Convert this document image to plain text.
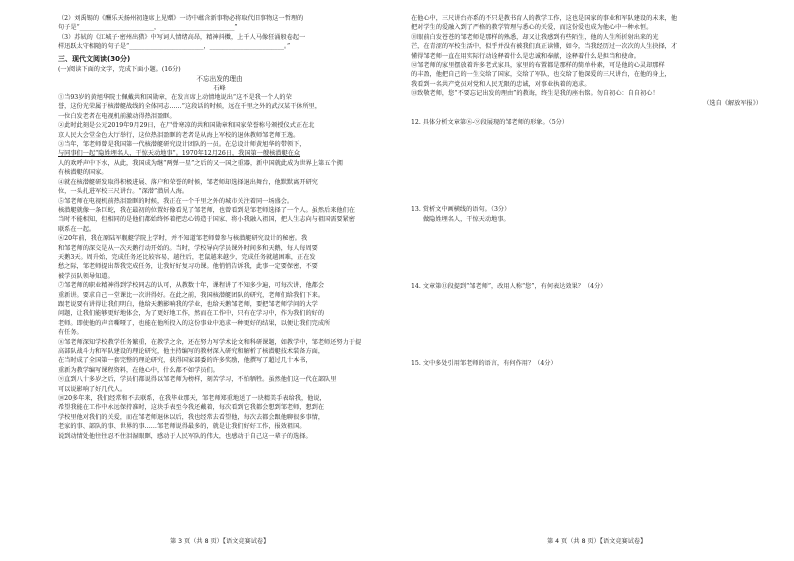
（2）刘禹锡的《酬乐天扬州初逢席上见赠》一诗中蕴含新事物必将取代旧事物这一哲理的
句子是“________________________，________________________”
（3）苏轼的《江城子·密州出猎》中写词人情绪高昂，精神抖擞，上千人马像狂涌般卷起一
样迅跃太守相随的句子是“________________________，________________________。”
三、现代文阅读(30分)
(一)阅读下面的文字，完成下面小题。(16分)
不忘出发的理由
石峰
①当93岁的黄旭华院士佩戴共和国勋章，在发言席上动情地说出“这不是我一个人的荣
誉，这份光荣属于核潜艇战线的全体同志……”这段话的时候，远在千里之外的武汉某干休所里，
一位白发老者在电视机前激动得热泪盈眶。
②此时此刻是公元2019年9月29日，在尸骨寒凉的共和国勋章和国家荣誉称号颁授仪式正在北
京人民大会堂金色大厅举行，这位热泪盈眶的老者是从海上军校的退休教师邹老师王逸。
③当年，邹老师曾是我国第一代核潜艇研究设计团队的一员。在总设计师黄旭华的带领下，
与同事们一起“隐姓埋名人，干惊天动地事”。1970年12月26日，我国第一艘核潜艇在众
人的欢呼声中下水，从此，我国成为继“两弹一星”之后的又一国之重器，新中国就此成为世界上第五个拥
有核潜艇的国家。
④就在核潜艇研发取得积极进展、落户和荣誉的时候，邹老师却选择退出舞台，他默默离开研究
位，一头扎进军校三尺讲台。“深潜”潜居人海。
⑤邹老师在电视机前热泪盈眶的时候，我正在一个千里之外的城市关注着同一场盛会。
核潜艇就像一条巨蛇，我在最初的位置好像看见了邹老师，也曾看到是邹老师选择了一个人。虽然后来他们在
当时不能相知，但相同的是他们都始终怀着把忠心铸造于国家、将小我融入祖国，把人生志向与祖国需要紧密
联系在一起。
⑥20年前，我在原陆军舰艇学院上学时，并不知道邹老师曾参与核潜艇研究设计的秘密。我
和邹老师的深交是从一次天鹅行动开始的。当时，学校导向学员课外时间多和天鹅，每人每周要
天鹅3天。周升始，完成任务还比较容易，越往后，老鼠越来越少，完成任务就越困难，正在发
愁之际，邹老师提出帮我完成任务，让我好好复习功课。他悄悄告诉我，此事一定要保密，不要
被学员队领导知道。
⑦邹老师的职业精神得到学校同志的认可，从教数十年，课程讲了不知多少遍，可每次讲，他都会
重新讲。要求自己一堂课比一次讲得好。在此之前，我国核潜艇团队的研究，老师们给我们下来。
跟老说要有讲得让我们明白，他给天鹅影响我的学业，也给天鹅邹老师，要把邹老师学问的大学
问题，让我们能够更好地体会，为了更好地工作，然而在工作中，只有在学习中，作为我们的好的
老师。即使他的声音嘶哑了，也能在他所投入的这份事业中追求一种更好的结果，以便让我们完成所
有任务。
⑧邹老师深知学校教学任务繁重，在教学之余，还在努力写学术论文和科研课题，如教学中，邹老师还努力于提
高部队战斗力和军队建设的理论研究，他主持编写的教材深入研究和解析了核潜艇技术装备方面，
在当时成了全国第一套完整的理论研究，获得国家部委的许多奖励，他撰写了超过几十本书，
重新为教学编写课程资料，在他心中，什么都不如学员们。
⑨直到八十多岁之后，学员们都说得以邹老师为榜样，刻苦学习，不怕牺牲。虽然他们这一代在部队里
可以说影响了好几代人。
⑩20多年来，我们经常和不去联系，在我毕业那天，邹老师郑重地送了一块精美手表给我，他说，
希望我能在工作中永远保持准时，这块手表至今我还戴着，每次看到它我都会想到邹老师，想到在
学校里他对我们的关爱，而在邹老师退休以后，我也经常去看望他，每次去都会跟他聊很多事情，
老家的事、部队的事、世界的事……邹老师说得最多的，就是让我们好好工作，报效祖国。
说到动情处他往往忍不住泪湿眼眶，感动于人民军队的伟大，也感动于自己这一辈子的选择。
第 3 页（共 8 页）【语文竞赛试卷】
在他心中，三尺讲台亦系的不只是教书育人的教学工作，这也是国家的事业和军队建设的未来，他
把对学生的爱融入到了严格的教学管理与悉心的关爱，而这份爱也成为他心中一种永恒。
⑪眼前白发苍苍的邹老师是那样的熟悉，却又让我感到有些陌生，他的人生所折射出来的光
芒，在青涩的军校生活中，似乎并没有被我们真正读懂，如今，当我经历过一次次的人生抉择，才
懂得邹老师一直在用实际行动诠释着什么是忠诚和奉献，诠释着什么是担当和使命。
⑫邹老师的家里摆放着许多老式家具，家里的布置都是那样的简单朴素，可是他的心灵却那样
的丰盈，他把自己的一生交给了国家，交给了军队，也交给了他深爱的三尺讲台，在他的身上，
我看到一名共产党员对党和人民无限的忠诚，对事业执着的追求。
⑬致敬老师，您“不要忘记出发的理由”的教诲，终生是我的座右铭。勿自初心：自自初心！
（选自《解放军报》）
12. 具体分析文章第⑥-⑨段展现的邹老师的形象。（5分）
13. 赏析文中画横线的语句。（3分）
做隐姓埋名人，干惊天动地事。
14. 文章第⑪段提到“邹老师”，改用人称“您”，有何表达效果？（4分）
15. 文中多处引用邹老师的语言，有何作用？（4分）
第 4 页（共 8 页）【语文竞赛试卷】
